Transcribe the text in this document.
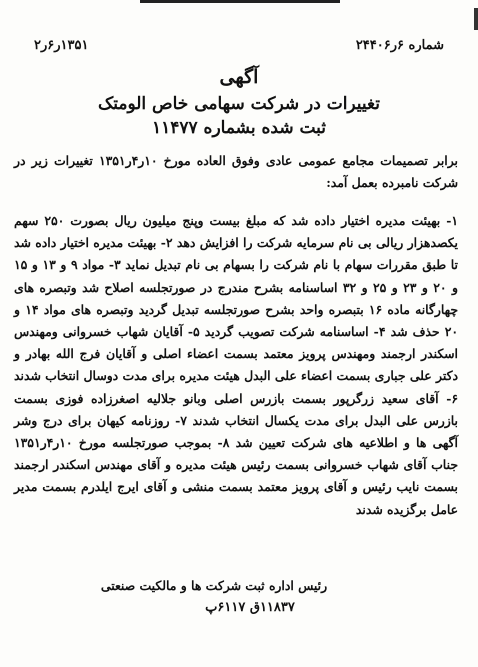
شماره ۶ر۲۴۴۰۶
۱۳۵۱ر۶ر۲
آگهی
تغییرات در شرکت سهامی خاص الومتک
ثبت شده بشماره ۱۱۴۷۷
برابر تصمیمات مجامع عمومی عادی وفوق العاده مورخ ۱۰ر۴ر۱۳۵۱ تغییرات زیر در شرکت نامبرده بعمل آمد:
۱- بهیئت مدیره اختیار داده شد که مبلغ بیست وپنج میلیون ریال بصورت ۲۵۰ سهم یکصدهزار ریالی بی نام سرمایه شرکت را افزایش دهد ۲- بهیئت مدیره اختیار داده شد تا طبق مقررات سهام با نام شرکت را بسهام بی نام تبدیل نماید ۳- مواد ۹ و ۱۳ و ۱۵ و ۲۰ و ۲۳ و ۲۵ و ۳۲ اساسنامه بشرح مندرج در صورتجلسه اصلاح شد وتبصره های چهارگانه ماده ۱۶ بتبصره واحد بشرح صورتجلسه تبدیل گردید وتبصره های مواد ۱۴ و ۲۰ حذف شد ۴- اساسنامه شرکت تصویب گردید ۵- آقایان شهاب خسروانی ومهندس اسکندر ارجمند ومهندس پرویز معتمد بسمت اعضاء اصلی و آقایان فرج الله بهادر و دکتر علی جباری بسمت اعضاء علی البدل هیئت مدیره برای مدت دوسال انتخاب شدند ۶- آقای سعید زرگرپور بسمت بازرس اصلی وبانو جلالیه اصغرزاده فوزی بسمت بازرس علی البدل برای مدت یکسال انتخاب شدند ۷- روزنامه کیهان برای درج وشر آگهی ها و اطلاعیه های شرکت تعیین شد ۸- بموجب صورتجلسه مورخ ۱۰ر۴ر۱۳۵۱ جناب آقای شهاب خسروانی بسمت رئیس هیئت مدیره و آقای مهندس اسکندر ارجمند بسمت نایب رئیس و آقای پرویز معتمد بسمت منشی و آقای ایرج ایلدرم بسمت مدیر عامل برگزیده شدند
رئیس اداره ثبت شرکت ها و مالکیت صنعتی
۱۱۸۳۷ق ۶۱۱۷پ
